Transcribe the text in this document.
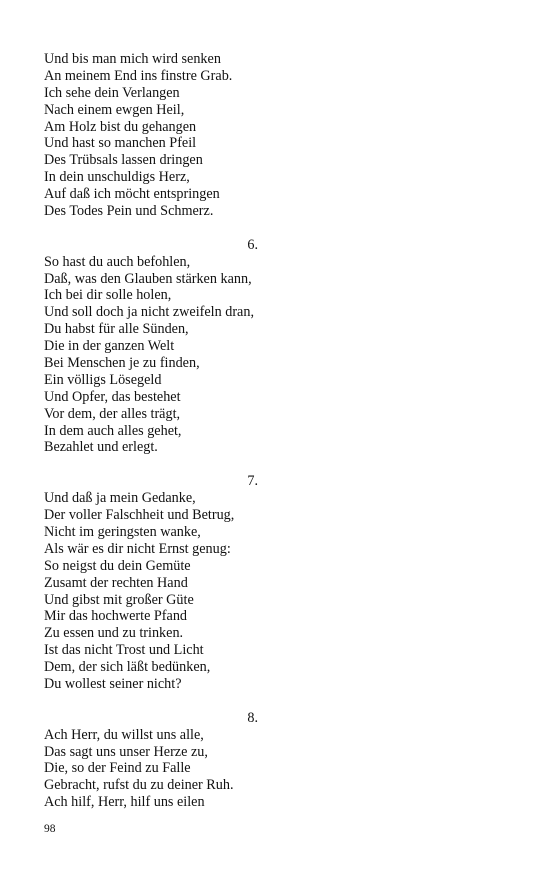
Und bis man mich wird senken
An meinem End ins finstre Grab.
Ich sehe dein Verlangen
Nach einem ewgen Heil,
Am Holz bist du gehangen
Und hast so manchen Pfeil
Des Trübsals lassen dringen
In dein unschuldigs Herz,
Auf daß ich möcht entspringen
Des Todes Pein und Schmerz.
6.
So hast du auch befohlen,
Daß, was den Glauben stärken kann,
Ich bei dir solle holen,
Und soll doch ja nicht zweifeln dran,
Du habst für alle Sünden,
Die in der ganzen Welt
Bei Menschen je zu finden,
Ein völligs Lösegeld
Und Opfer, das bestehet
Vor dem, der alles trägt,
In dem auch alles gehet,
Bezahlet und erlegt.
7.
Und daß ja mein Gedanke,
Der voller Falschheit und Betrug,
Nicht im geringsten wanke,
Als wär es dir nicht Ernst genug:
So neigst du dein Gemüte
Zusamt der rechten Hand
Und gibst mit großer Güte
Mir das hochwerte Pfand
Zu essen und zu trinken.
Ist das nicht Trost und Licht
Dem, der sich läßt bedünken,
Du wollest seiner nicht?
8.
Ach Herr, du willst uns alle,
Das sagt uns unser Herze zu,
Die, so der Feind zu Falle
Gebracht, rufst du zu deiner Ruh.
Ach hilf, Herr, hilf uns eilen
98
